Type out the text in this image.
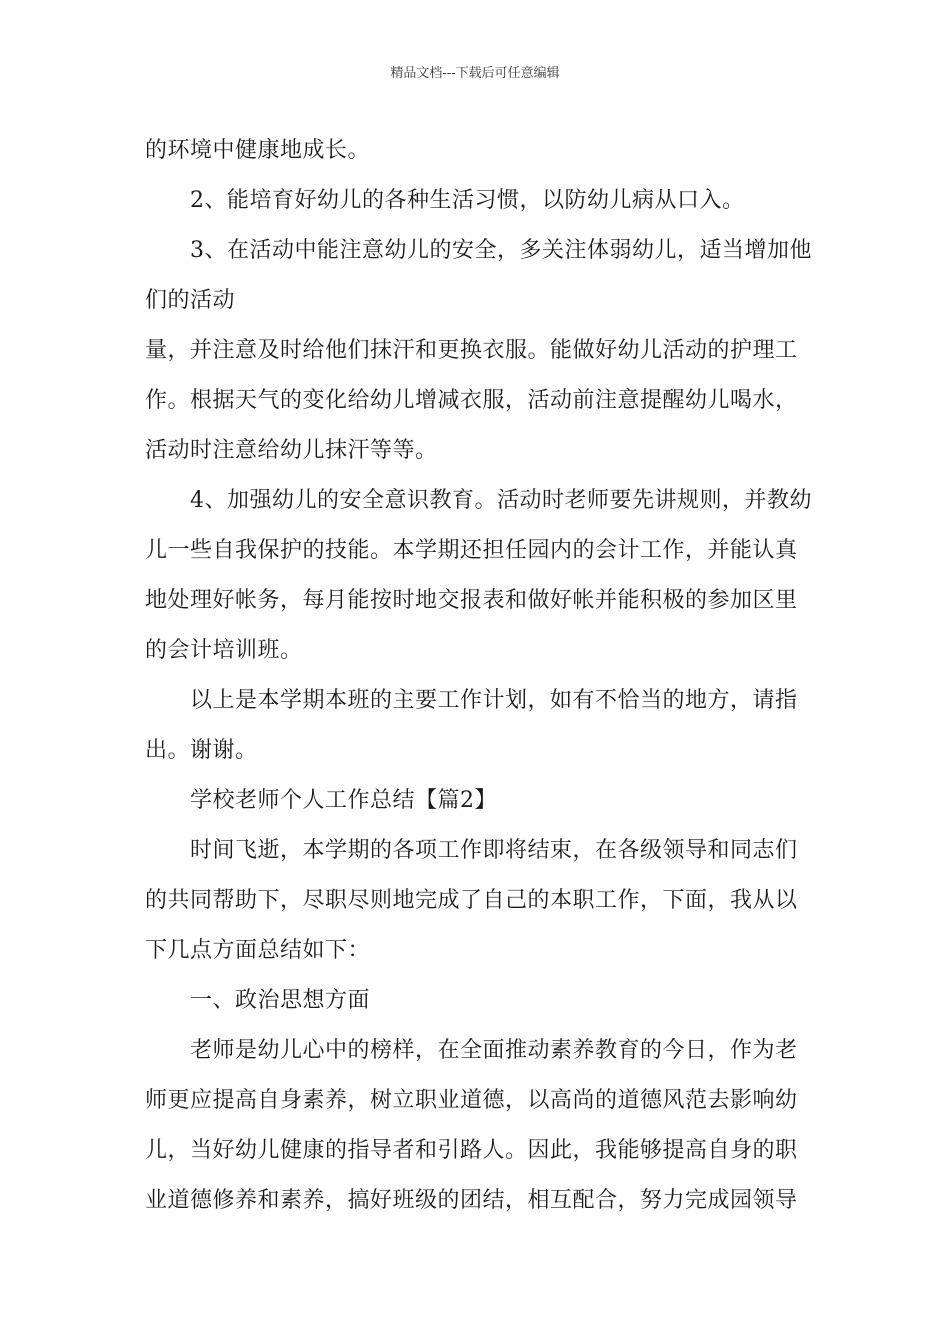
精品文档---下载后可任意编辑
的环境中健康地成长。
2、能培育好幼儿的各种生活习惯，以防幼儿病从口入。
3、在活动中能注意幼儿的安全，多关注体弱幼儿，适当增加他
们的活动
量，并注意及时给他们抹汗和更换衣服。能做好幼儿活动的护理工
作。根据天气的变化给幼儿增减衣服，活动前注意提醒幼儿喝水，
活动时注意给幼儿抹汗等等。
4、加强幼儿的安全意识教育。活动时老师要先讲规则，并教幼
儿一些自我保护的技能。本学期还担任园内的会计工作，并能认真
地处理好帐务，每月能按时地交报表和做好帐并能积极的参加区里
的会计培训班。
以上是本学期本班的主要工作计划，如有不恰当的地方，请指
出。谢谢。
学校老师个人工作总结【篇2】
时间飞逝，本学期的各项工作即将结束，在各级领导和同志们
的共同帮助下，尽职尽则地完成了自己的本职工作，下面，我从以
下几点方面总结如下：
一、政治思想方面
老师是幼儿心中的榜样，在全面推动素养教育的今日，作为老
师更应提高自身素养，树立职业道德，以高尚的道德风范去影响幼
儿，当好幼儿健康的指导者和引路人。因此，我能够提高自身的职
业道德修养和素养，搞好班级的团结，相互配合，努力完成园领导
